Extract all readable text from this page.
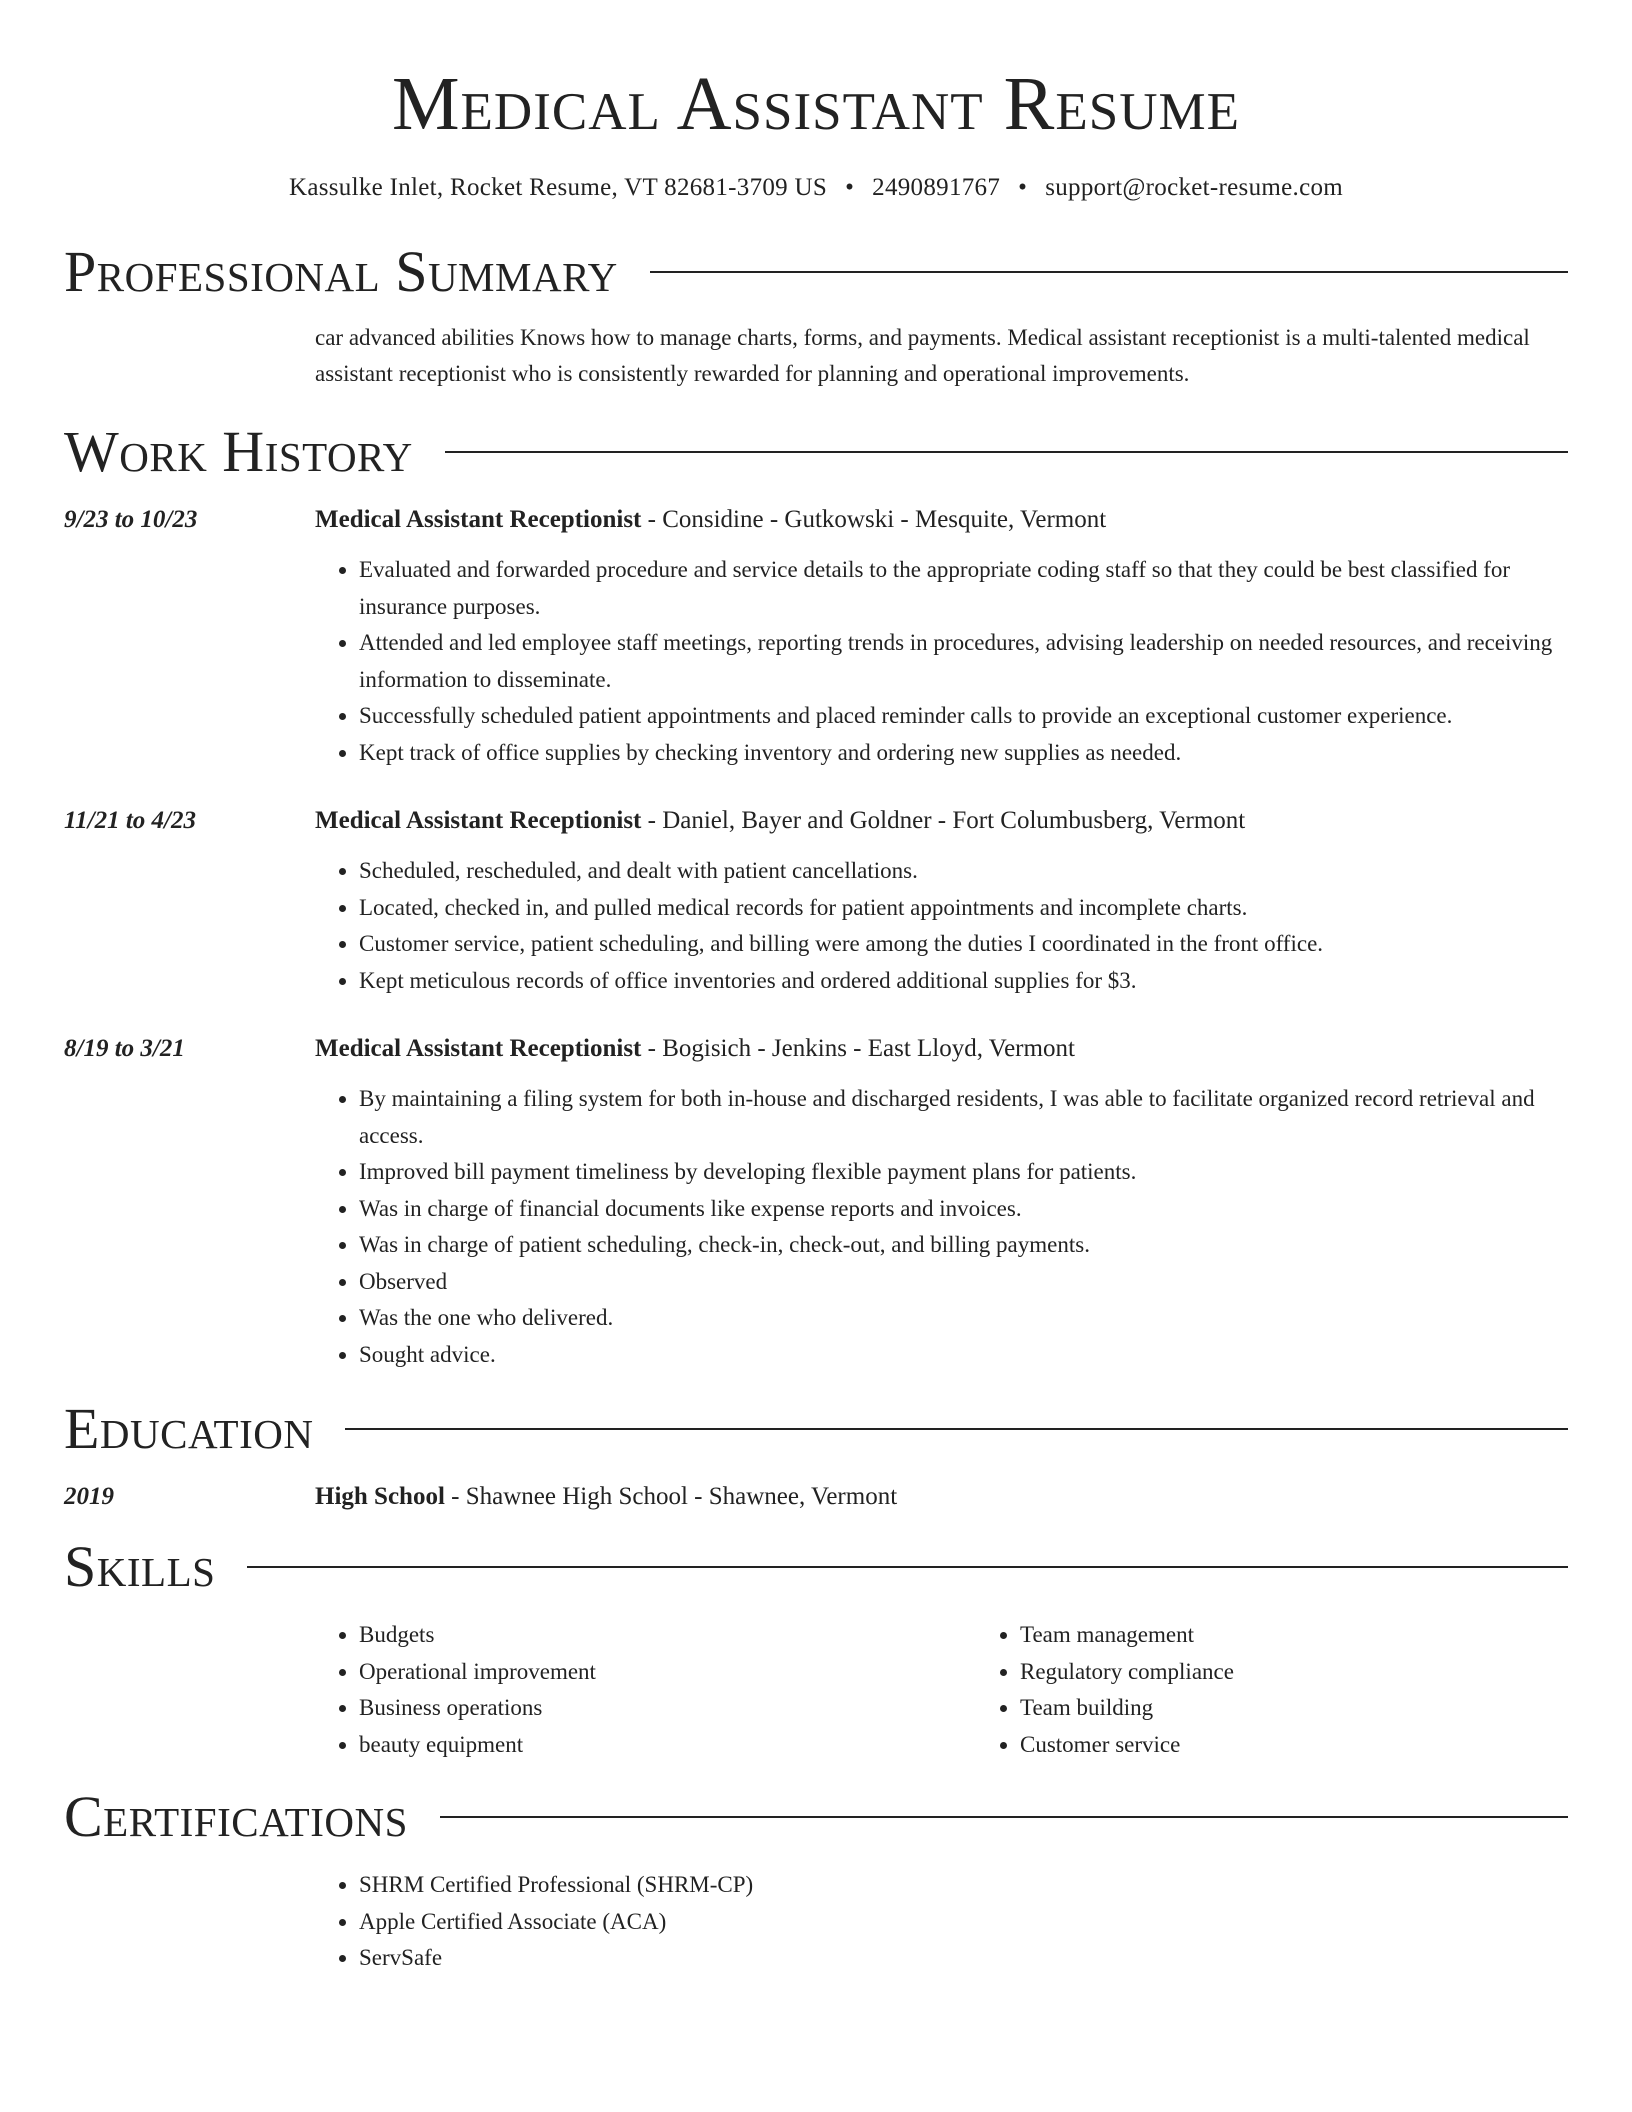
Medical Assistant Resume
Kassulke Inlet, Rocket Resume, VT 82681-3709 US • 2490891767 • support@rocket-resume.com
Professional Summary

car advanced abilities Knows how to manage charts, forms, and payments. Medical assistant receptionist is a multi-talented medical assistant receptionist who is consistently rewarded for planning and operational improvements.

Work History
9/23 to 10/23	Medical Assistant Receptionist - Considine - Gutkowski - Mesquite, Vermont
• Evaluated and forwarded procedure and service details to the appropriate coding staff so that they could be best classified for insurance purposes.
• Attended and led employee staff meetings, reporting trends in procedures, advising leadership on needed resources, and receiving information to disseminate.
• Successfully scheduled patient appointments and placed reminder calls to provide an exceptional customer experience.
• Kept track of office supplies by checking inventory and ordering new supplies as needed.
11/21 to 4/23	Medical Assistant Receptionist - Daniel, Bayer and Goldner - Fort Columbusberg, Vermont
• Scheduled, rescheduled, and dealt with patient cancellations.
• Located, checked in, and pulled medical records for patient appointments and incomplete charts.
• Customer service, patient scheduling, and billing were among the duties I coordinated in the front office.
• Kept meticulous records of office inventories and ordered additional supplies for $3.
8/19 to 3/21	Medical Assistant Receptionist - Bogisich - Jenkins - East Lloyd, Vermont
• By maintaining a filing system for both in-house and discharged residents, I was able to facilitate organized record retrieval and access.
• Improved bill payment timeliness by developing flexible payment plans for patients.
• Was in charge of financial documents like expense reports and invoices.
• Was in charge of patient scheduling, check-in, check-out, and billing payments.
• Observed
• Was the one who delivered.
• Sought advice.
Education
2019	High School - Shawnee High School - Shawnee, Vermont
Skills
• Budgets
• Operational improvement
• Business operations
• beauty equipment
• Team management
• Regulatory compliance
• Team building
• Customer service
Certifications
• SHRM Certified Professional (SHRM-CP)
• Apple Certified Associate (ACA)
• ServSafe
